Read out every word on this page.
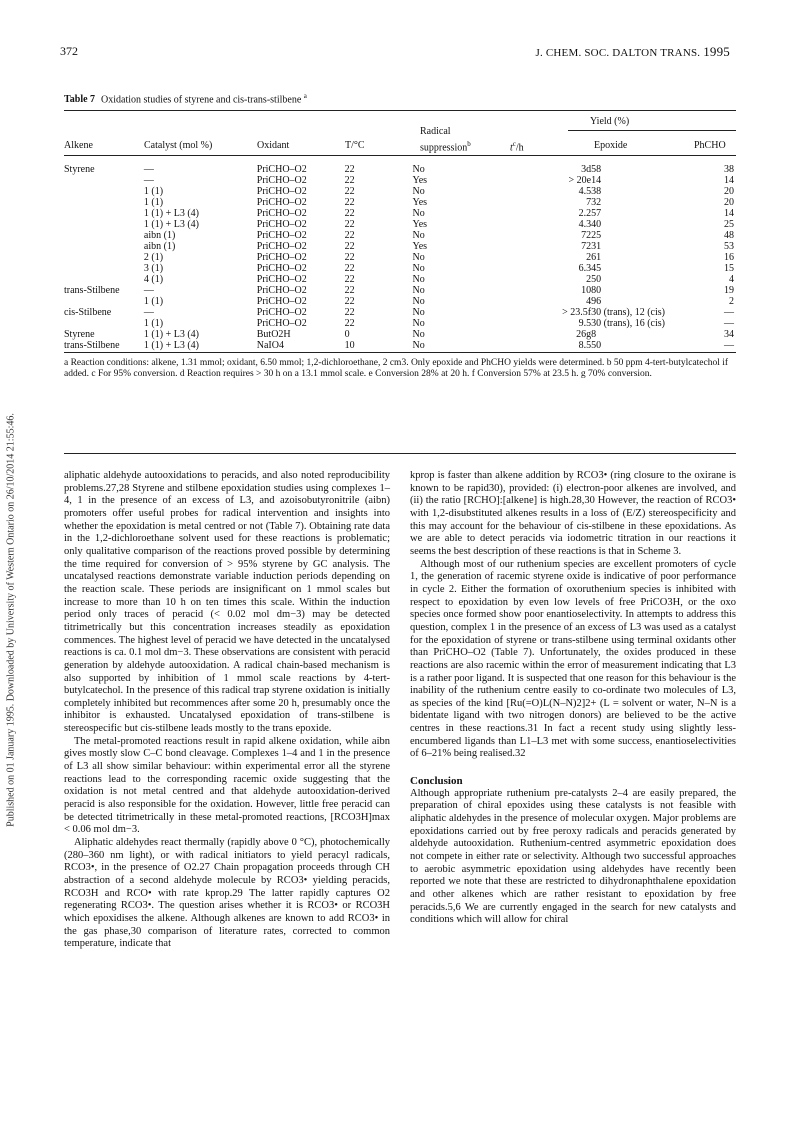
372	J. CHEM. SOC. DALTON TRANS. 1995
Published on 01 January 1995. Downloaded by University of Western Ontario on 26/10/2014 21:55:46.
Table 7 Oxidation studies of styrene and cis-trans-stilbene $^a$
Yield (%)
Radical
Alkene	Catalyst (mol %)	Oxidant	T/°C	suppression$^b$	$t^c/h$	Epoxide	PhCHO
Styrene	—	PriCHO–O2	22	No	3d	58	38
	—	PriCHO–O2	22	Yes	> 20e	14	14
	1 (1)	PriCHO–O2	22	No	4.5	38	20
	1 (1)	PriCHO–O2	22	Yes	7	32	20
	1 (1) + L3 (4)	PriCHO–O2	22	No	2.2	57	14
	1 (1) + L3 (4)	PriCHO–O2	22	Yes	4.3	40	25
	aibn (1)	PriCHO–O2	22	No	72	25	48
	aibn (1)	PriCHO–O2	22	Yes	72	31	53
	2 (1)	PriCHO–O2	22	No	2	61	16
	3 (1)	PriCHO–O2	22	No	6.3	45	15
	4 (1)	PriCHO–O2	22	No	2	50	4
trans-Stilbene	—	PriCHO–O2	22	No	10	80	19
	1 (1)	PriCHO–O2	22	No	4	96	2
cis-Stilbene	—	PriCHO–O2	22	No	> 23.5f	30 (trans), 12 (cis)	—
	1 (1)	PriCHO–O2	22	No	9.5	30 (trans), 16 (cis)	—
Styrene	1 (1) + L3 (4)	ButO2H	0	No	26g	8	34
trans-Stilbene	1 (1) + L3 (4)	NaIO4	10	No	8.5	50	—
a Reaction conditions: alkene, 1.31 mmol; oxidant, 6.50 mmol; 1,2-dichloroethane, 2 cm3. Only epoxide and PhCHO yields were determined. b 50 ppm 4-tert-butylcatechol if added. c For 95% conversion. d Reaction requires > 30 h on a 13.1 mmol scale. e Conversion 28% at 20 h. f Conversion 57% at 23.5 h. g 70% conversion.

aliphatic aldehyde autooxidations to peracids, and also noted reproducibility problems.27,28 Styrene and stilbene epoxidation studies using complexes 1–4, 1 in the presence of an excess of L3, and azoisobutyronitrile (aibn) promoters offer useful probes for radical intervention and insights into whether the epoxidation is metal centred or not (Table 7). Obtaining rate data in the 1,2-dichloroethane solvent used for these reactions is problematic; only qualitative comparison of the reactions proved possible by determining the time required for conversion of > 95% styrene by GC analysis. The uncatalysed reactions demonstrate variable induction periods depending on the reaction scale. These periods are insignificant on 1 mmol scales but increase to more than 10 h on ten times this scale. Within the induction period only traces of peracid (< 0.02 mol dm−3) may be detected titrimetrically but this concentration increases steadily as epoxidation commences. The highest level of peracid we have detected in the uncatalysed reactions is ca. 0.1 mol dm−3. These observations are consistent with peracid generation by aldehyde autooxidation. A radical chain-based mechanism is also supported by inhibition of 1 mmol scale reactions by 4-tert-butylcatechol. In the presence of this radical trap styrene oxidation is initially completely inhibited but recommences after some 20 h, presumably once the inhibitor is exhausted. Uncatalysed epoxidation of trans-stilbene is stereospecific but cis-stilbene leads mostly to the trans epoxide.

The metal-promoted reactions result in rapid alkene oxidation, while aibn gives mostly slow C–C bond cleavage. Complexes 1–4 and 1 in the presence of L3 all show similar behaviour: within experimental error all the styrene reactions lead to the corresponding racemic oxide suggesting that the oxidation is not metal centred and that aldehyde autooxidation-derived peracid is also responsible for the oxidation. However, little free peracid can be detected titrimetrically in these metal-promoted reactions, [RCO3H]max < 0.06 mol dm−3.

Aliphatic aldehydes react thermally (rapidly above 0 °C), photochemically (280–360 nm light), or with radical initiators to yield peracyl radicals, RCO3•, in the presence of O2.27 Chain propagation proceeds through CH abstraction of a second aldehyde molecule by RCO3• yielding peracids, RCO3H and RCO• with rate kprop.29 The latter rapidly captures O2 regenerating RCO3•. The question arises whether it is RCO3• or RCO3H which epoxidises the alkene. Although alkenes are known to add RCO3• in the gas phase,30 comparison of literature rates, corrected to common temperature, indicate that

kprop is faster than alkene addition by RCO3• (ring closure to the oxirane is known to be rapid30), provided: (i) electron-poor alkenes are involved, and (ii) the ratio [RCHO]:[alkene] is high.28,30 However, the reaction of RCO3• with 1,2-disubstituted alkenes results in a loss of (E/Z) stereospecificity and this may account for the behaviour of cis-stilbene in these epoxidations. As we are able to detect peracids via iodometric titration in our reactions it seems the best description of these reactions is that in Scheme 3.

Although most of our ruthenium species are excellent promoters of cycle 1, the generation of racemic styrene oxide is indicative of poor performance in cycle 2. Either the formation of oxoruthenium species is inhibited with respect to epoxidation by even low levels of free PriCO3H, or the oxo species once formed show poor enantioselectivity. In attempts to address this question, complex 1 in the presence of an excess of L3 was used as a catalyst for the epoxidation of styrene or trans-stilbene using terminal oxidants other than PriCHO–O2 (Table 7). Unfortunately, the oxides produced in these reactions are also racemic within the error of measurement indicating that L3 is a rather poor ligand. It is suspected that one reason for this behaviour is the inability of the ruthenium centre easily to co-ordinate two molecules of L3, as species of the kind [Ru(=O)L(N–N)2]2+ (L = solvent or water, N–N is a bidentate ligand with two nitrogen donors) are believed to be the active centres in these reactions.31 In fact a recent study using slightly less-encumbered ligands than L1–L3 met with some success, enantioselectivities of 6–21% being realised.32

Conclusion

Although appropriate ruthenium pre-catalysts 2–4 are easily prepared, the preparation of chiral epoxides using these catalysts is not feasible with aliphatic aldehydes in the presence of molecular oxygen. Major problems are epoxidations carried out by free peroxy radicals and peracids generated by aldehyde autooxidation. Ruthenium-centred asymmetric epoxidation does not compete in either rate or selectivity. Although two successful approaches to aerobic asymmetric epoxidation using aldehydes have recently been reported we note that these are restricted to dihydronaphthalene epoxidation and other alkenes which are rather resistant to epoxidation by free peracids.5,6 We are currently engaged in the search for new catalysts and conditions which will allow for chiral
